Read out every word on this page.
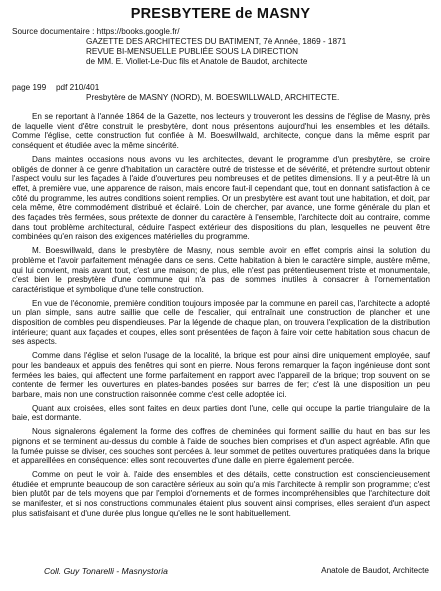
PRESBYTERE de MASNY
Source documentaire : https://books.google.fr/
GAZETTE DES ARCHITECTES DU BATIMENT, 7è Année, 1869 - 1871
REVUE BI-MENSUELLE PUBLIÉE SOUS LA DIRECTION
de MM. E. Viollet-Le-Duc fils et Anatole de Baudot, architecte
page 199 pdf 210/401
Presbytère de MASNY (NORD), M. BOESWILLWALD, ARCHITECTE.

En se reportant à l'année 1864 de la Gazette, nos lecteurs y trouveront les dessins de l'église de Masny, près de laquelle vient d'être construit le presbytère, dont nous présentons aujourd'hui les ensembles et les détails. Comme l'église, cette construction fut confiée à M. Boeswillwald, architecte, conçue dans la même esprit par conséquent et étudiée avec la même sincérité.

Dans maintes occasions nous avons vu les architectes, devant le programme d'un presbytère, se croire obligés de donner à ce genre d'habitation un caractère outré de tristesse et de sévérité, et prétendre surtout obtenir l'aspect voulu sur les façades à l'aide d'ouvertures peu nombreuses et de petites dimensions. Il y a peut-être là un effet, à première vue, une apparence de raison, mais encore faut-il cependant que, tout en donnant satisfaction à ce côté du programme, les autres conditions soient remplies. Or un presbytère est avant tout une habitation, et doit, par cela même, être commodément distribué et éclairé. Loin de chercher, par avance, une forme générale du plan et des façades très fermées, sous prétexte de donner du caractère à l'ensemble, l'architecte doit au contraire, comme dans tout problème architectural, céduire l'aspect extérieur des dispositions du plan, lesquelles ne peuvent être combinées qu'en raison des exigences matérielles du programme.

M. Boeswillwald, dans le presbytère de Masny, nous semble avoir en effet compris ainsi la solution du problème et l'avoir parfaitement ménagée dans ce sens. Cette habitation à bien le caractère simple, austère même, qui lui convient, mais avant tout, c'est une maison; de plus, elle n'est pas prétentieusement triste et monumentale, c'est bien le presbytère d'une commune qui n'a pas de sommes inutiles à consacrer à l'ornementation caractéristique et symbolique d'une telle construction.

En vue de l'économie, première condition toujours imposée par la commune en pareil cas, l'architecte a adopté un plan simple, sans autre saillie que celle de l'escalier, qui entraînait une construction de plancher et une disposition de combles peu dispendieuses. Par la légende de chaque plan, on trouvera l'explication de la distribution intérieure; quant aux façades et coupes, elles sont présentées de façon à faire voir cette habitation sous chacun de ses aspects.

Comme dans l'église et selon l'usage de la localité, la brique est pour ainsi dire uniquement employée, sauf pour les bandeaux et appuis des fenêtres qui sont en pierre. Nous ferons remarquer la façon ingénieuse dont sont fermées les baies, qui affectent une forme parfaitement en rapport avec l'appareil de la brique; trop souvent on se contente de fermer les ouvertures en plates-bandes posées sur barres de fer; c'est là une disposition un peu barbare, mais non une construction raisonnée comme c'est celle adoptée ici.

Quant aux croisées, elles sont faites en deux parties dont l'une, celle qui occupe la partie triangulaire de la baie, est dormante.

Nous signalerons également la forme des coffres de cheminées qui forment saillie du haut en bas sur les pignons et se terminent au-dessus du comble à l'aide de souches bien comprises et d'un aspect agréable. Afin que la fumée puisse se diviser, ces souches sont percées à. leur sommet de petites ouvertures pratiquées dans la brique et appareillées en conséquence: elles sont recouvertes d'une dalle en pierre également percée.

Comme on peut le voir à. l'aide des ensembles et des détails, cette construction est consciencieusement étudiée et emprunte beaucoup de son caractère sérieux au soin qu'a mis l'architecte à remplir son programme; c'est bien plutôt par de tels moyens que par l'emploi d'ornements et de formes incompréhensibles que l'architecture doit se manifester, et si nos constructions communales étaient plus souvent ainsi comprises, elles seraient d'un aspect plus satisfaisant et d'une durée plus longue qu'elles ne le sont habituellement.

Coll. Guy Tonarelli - Masnystoria	Anatole de Baudot, Architecte
